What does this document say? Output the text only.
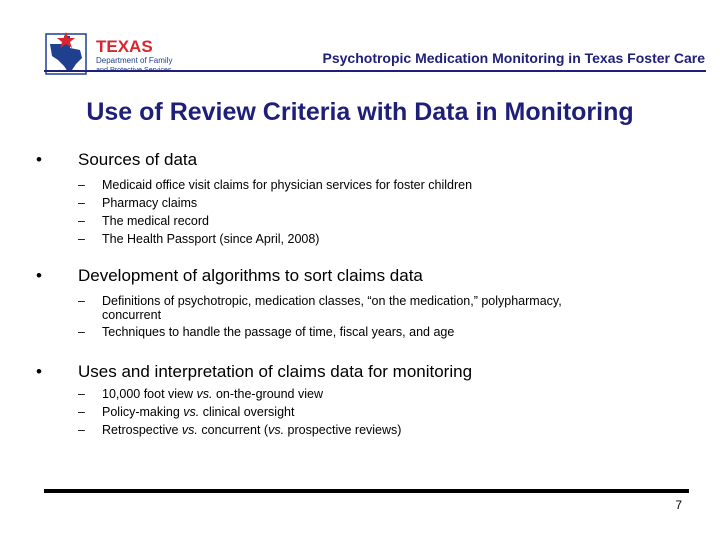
TEXAS
Department of Family	Psychotropic Medication Monitoring in Texas Foster Care
Use of Review Criteria with Data in Monitoring
• Sources of data
– Medicaid office visit claims for physician services for foster children
– Pharmacy claims
– The medical record
– The Health Passport (since April, 2008)
• Development of algorithms to sort claims data
– Definitions of psychotropic, medication classes, “on the medication,” polypharmacy, concurrent
– Techniques to handle the passage of time, fiscal years, and age
• Uses and interpretation of claims data for monitoring
– 10,000 foot view vs. on-the-ground view
– Policy-making vs. clinical oversight
– Retrospective vs. concurrent (vs. prospective reviews)
7
